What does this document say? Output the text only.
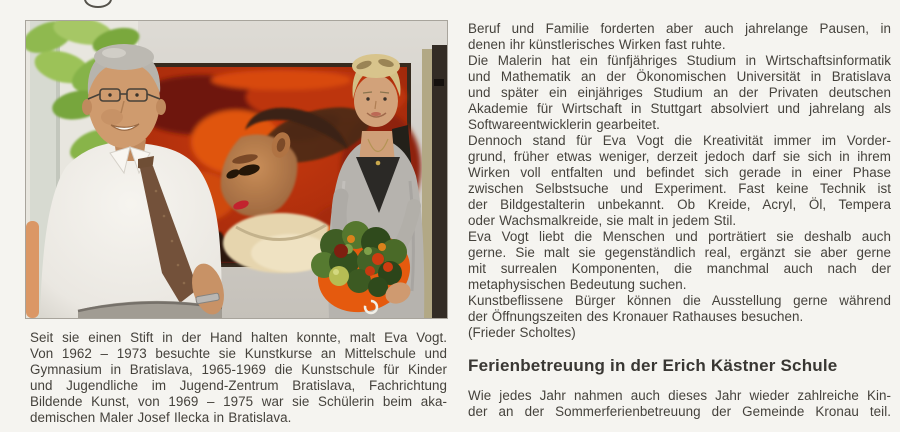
Seit sie einen Stift in der Hand halten konnte, malt Eva Vogt.
Von 1962 – 1973 besuchte sie Kunstkurse an Mittelschule und
Gymnasium in Bratislava, 1965-1969 die Kunstschule für Kinder
und Jugendliche im Jugend-Zentrum Bratislava, Fachrichtung
Bildende Kunst, von 1969 – 1975 war sie Schülerin beim aka-
demischen Maler Josef Ilecka in Bratislava.
Beruf und Familie forderten aber auch jahrelange Pausen, in
denen ihr künstlerisches Wirken fast ruhte.
Die Malerin hat ein fünfjähriges Studium in Wirtschaftsinformatik
und Mathematik an der Ökonomischen Universität in Bratislava
und später ein einjähriges Studium an der Privaten deutschen
Akademie für Wirtschaft in Stuttgart absolviert und jahrelang als
Softwareentwicklerin gearbeitet.
Dennoch stand für Eva Vogt die Kreativität immer im Vorder-
grund, früher etwas weniger, derzeit jedoch darf sie sich in ihrem
Wirken voll entfalten und befindet sich gerade in einer Phase
zwischen Selbstsuche und Experiment. Fast keine Technik ist
der Bildgestalterin unbekannt. Ob Kreide, Acryl, Öl, Tempera
oder Wachsmalkreide, sie malt in jedem Stil.
Eva Vogt liebt die Menschen und porträtiert sie deshalb auch
gerne. Sie malt sie gegenständlich real, ergänzt sie aber gerne
mit surrealen Komponenten, die manchmal auch nach der
metaphysischen Bedeutung suchen.
Kunstbeflissene Bürger können die Ausstellung gerne während
der Öffnungszeiten des Kronauer Rathauses besuchen.
(Frieder Scholtes)
Ferienbetreuung in der Erich Kästner Schule
Wie jedes Jahr nahmen auch dieses Jahr wieder zahlreiche Kin-
der an der Sommerferienbetreuung der Gemeinde Kronau teil.
